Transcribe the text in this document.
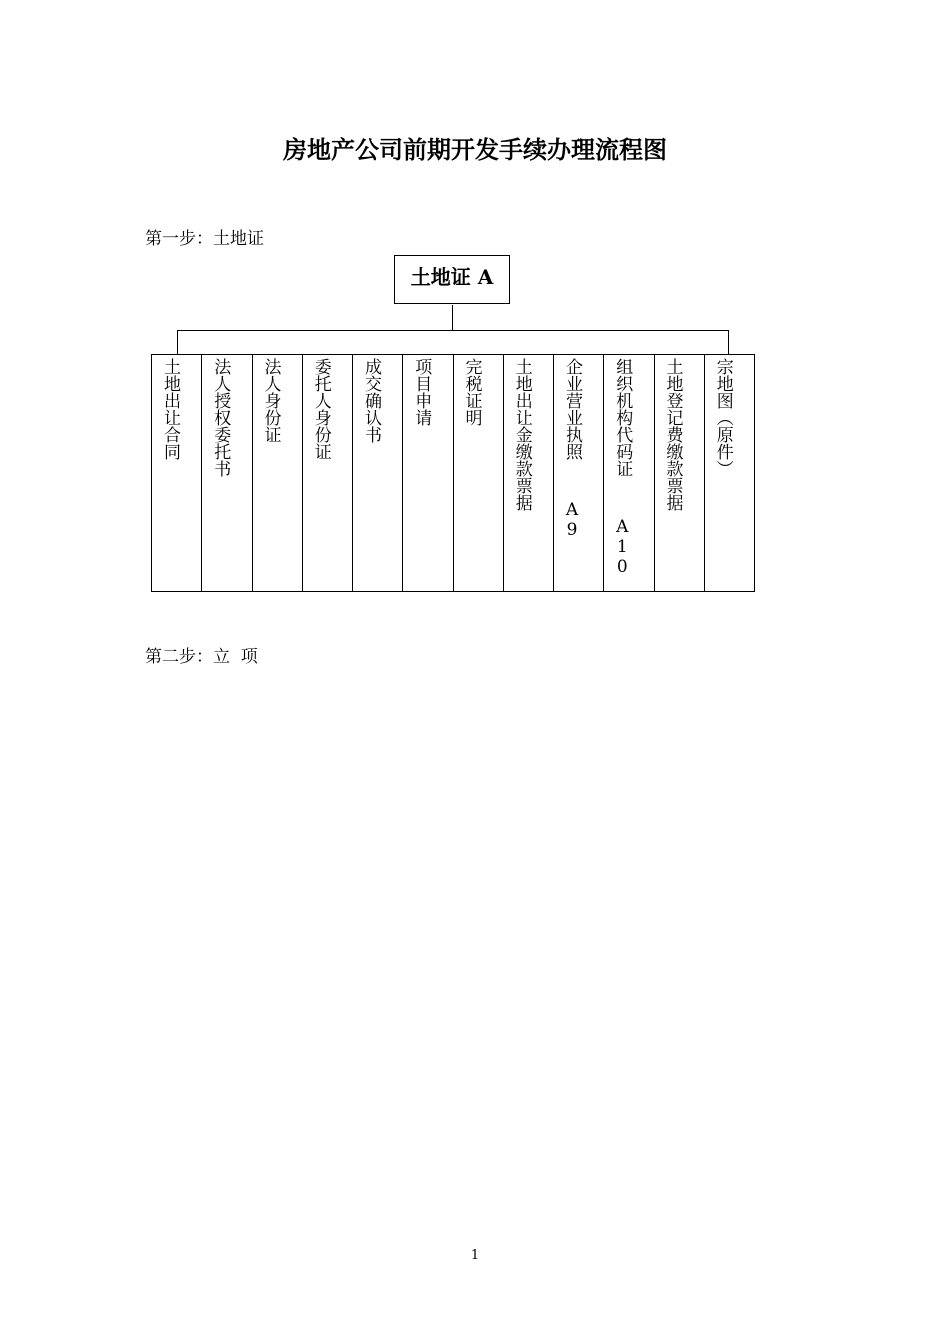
房地产公司前期开发手续办理流程图
第一步：土地证
土地证 A
土地出让合同 法人授权委托书 法人身份证 委托人身份证 成交确认书 项目申请 完税证明 土地出让金缴款票据 企业营业执照  A9 组织机构代码证  A10 土地登记费缴款票据 宗地图（原件）
第二步：立  项
1
